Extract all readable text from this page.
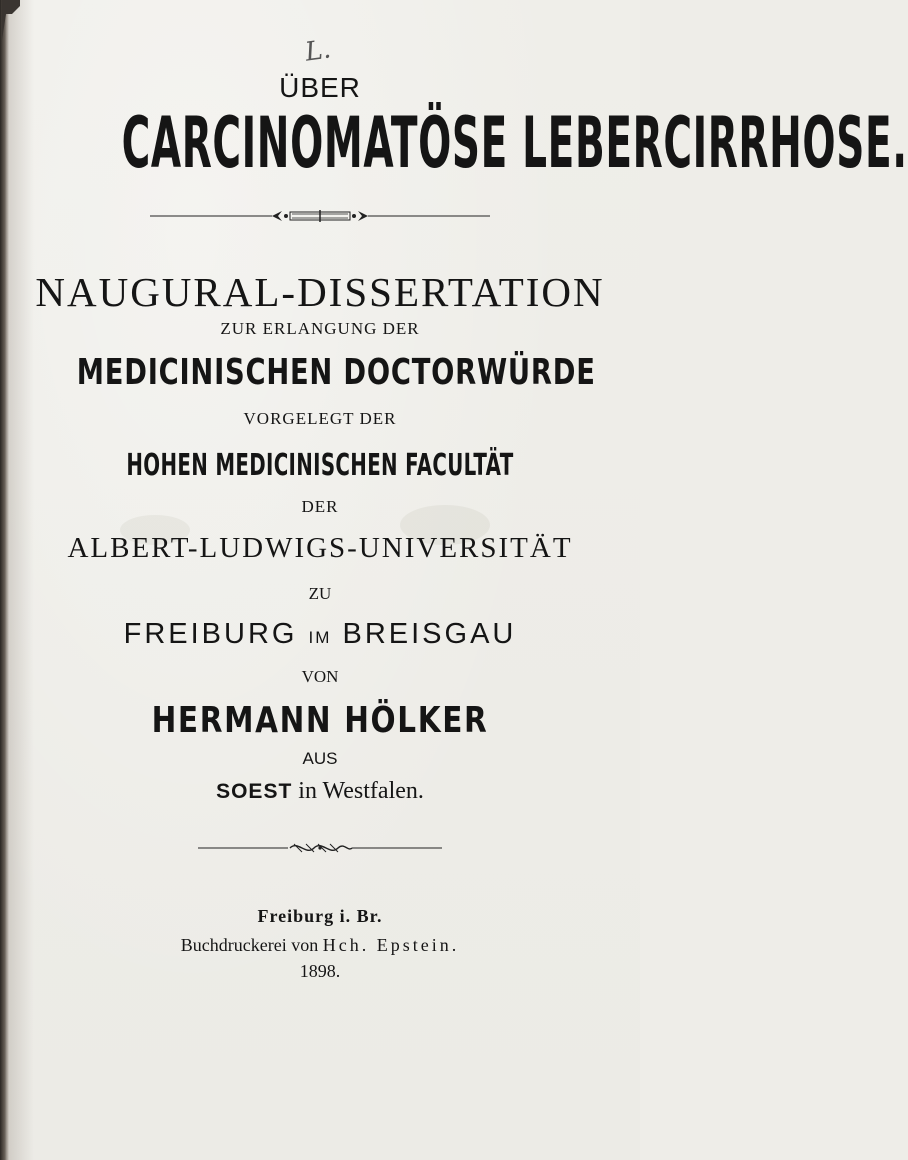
L.

ÜBER

CARCINOMATÖSE LEBERCIRRHOSE.

NAUGURAL-DISSERTATION

ZUR ERLANGUNG DER

MEDICINISCHEN DOCTORWÜRDE

VORGELEGT DER

HOHEN MEDICINISCHEN FACULTÄT

DER

ALBERT-LUDWIGS-UNIVERSITÄT

ZU

FREIBURG IM BREISGAU

VON

HERMANN HÖLKER

AUS

SOEST in Westfalen.

Freiburg i. Br.

Buchdruckerei von Hch. Epstein.

1898.
